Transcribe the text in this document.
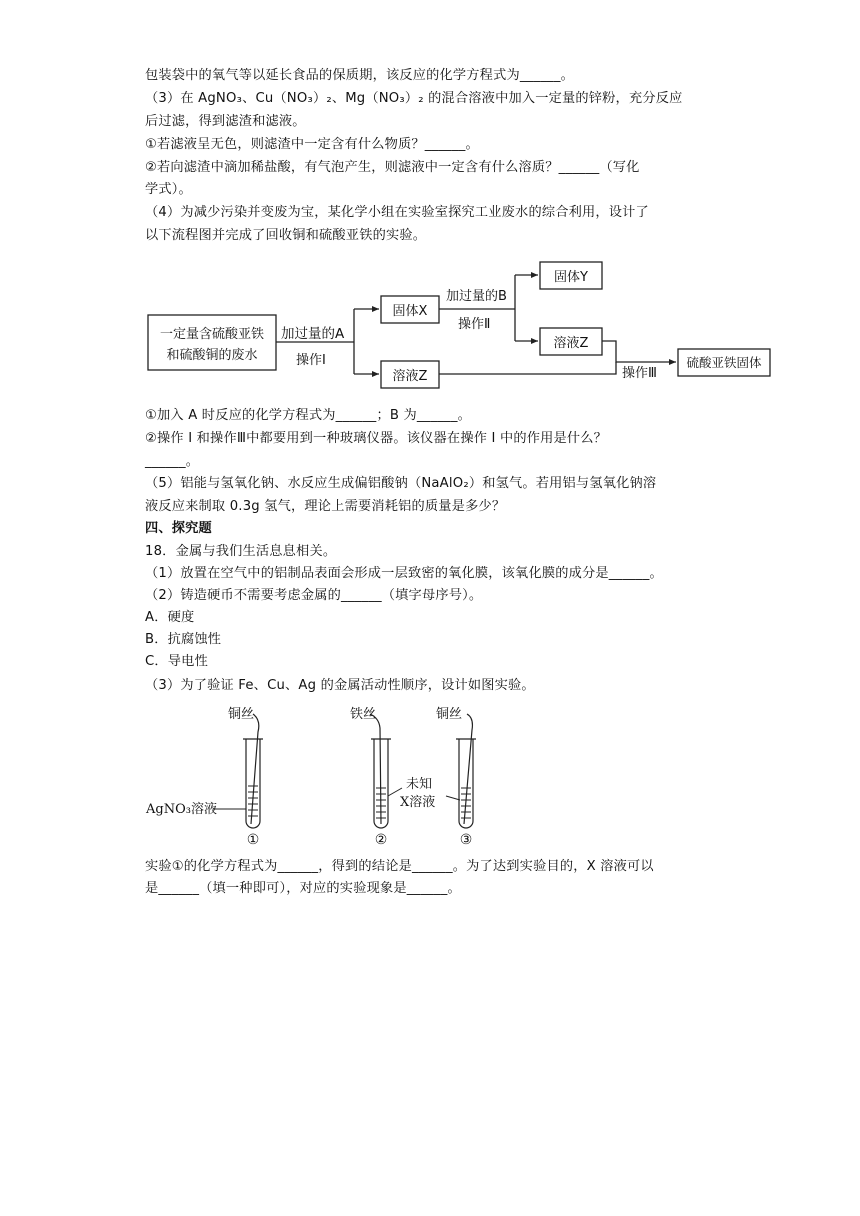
包装袋中的氧气等以延长食品的保质期，该反应的化学方程式为______。
（3）在 AgNO₃、Cu（NO₃）₂、Mg（NO₃）₂ 的混合溶液中加入一定量的锌粉，充分反应
后过滤，得到滤渣和滤液。
①若滤液呈无色，则滤渣中一定含有什么物质？______。
②若向滤渣中滴加稀盐酸，有气泡产生，则滤液中一定含有什么溶质？______（写化
学式）。
（4）为减少污染并变废为宝，某化学小组在实验室探究工业废水的综合利用，设计了
以下流程图并完成了回收铜和硫酸亚铁的实验。
一定量含硫酸亚铁
和硫酸铜的废水
加过量的A
操作Ⅰ
固体X
加过量的B
操作Ⅱ
固体Y
溶液Z
溶液Z	操作Ⅲ
硫酸亚铁固体
①加入 A 时反应的化学方程式为______；B 为______。
②操作 Ⅰ 和操作Ⅲ中都要用到一种玻璃仪器。该仪器在操作 Ⅰ 中的作用是什么？
______。
（5）铝能与氢氧化钠、水反应生成偏铝酸钠（NaAlO₂）和氢气。若用铝与氢氧化钠溶
液反应来制取 0.3g 氢气，理论上需要消耗铝的质量是多少？
四、探究题
18．金属与我们生活息息相关。
（1）放置在空气中的铝制品表面会形成一层致密的氧化膜，该氧化膜的成分是______。
（2）铸造硬币不需要考虑金属的______（填字母序号）。
A．硬度
B．抗腐蚀性
C．导电性
（3）为了验证 Fe、Cu、Ag 的金属活动性顺序，设计如图实验。
铜丝	铁丝	铜丝
AgNO₃溶液
未知
X溶液
①	②	③
实验①的化学方程式为______，得到的结论是______。为了达到实验目的，X 溶液可以
是______（填一种即可），对应的实验现象是______。
